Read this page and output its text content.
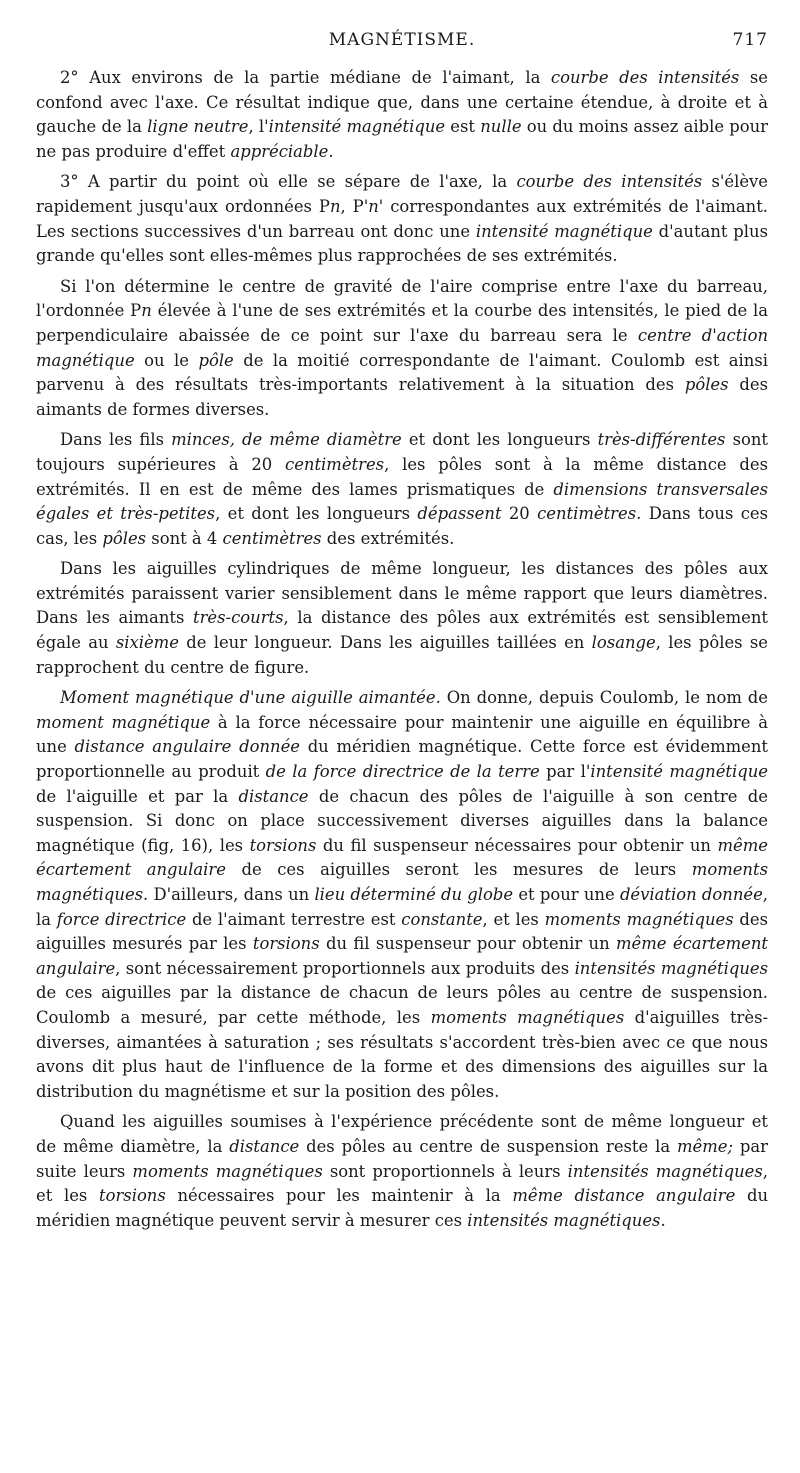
MAGNÉTISME.	717

2° Aux environs de la partie médiane de l'aimant, la courbe des intensités se confond avec l'axe. Ce résultat indique que, dans une certaine étendue, à droite et à gauche de la ligne neutre, l'intensité magnétique est nulle ou du moins assez aible pour ne pas produire d'effet appréciable.

3° A partir du point où elle se sépare de l'axe, la courbe des intensités s'élève rapidement jusqu'aux ordonnées Pn, P'n' correspondantes aux extrémités de l'aimant. Les sections successives d'un barreau ont donc une intensité magnétique d'autant plus grande qu'elles sont elles-mêmes plus rapprochées de ses extrémités.

Si l'on détermine le centre de gravité de l'aire comprise entre l'axe du barreau, l'ordonnée Pn élevée à l'une de ses extrémités et la courbe des intensités, le pied de la perpendiculaire abaissée de ce point sur l'axe du barreau sera le centre d'action magnétique ou le pôle de la moitié correspondante de l'aimant. Coulomb est ainsi parvenu à des résultats très-importants relativement à la situation des pôles des aimants de formes diverses.

Dans les fils minces, de même diamètre et dont les longueurs très-différentes sont toujours supérieures à 20 centimètres, les pôles sont à la même distance des extrémités. Il en est de même des lames prismatiques de dimensions transversales égales et très-petites, et dont les longueurs dépassent 20 centimètres. Dans tous ces cas, les pôles sont à 4 centimètres des extrémités.

Dans les aiguilles cylindriques de même longueur, les distances des pôles aux extrémités paraissent varier sensiblement dans le même rapport que leurs diamètres. Dans les aimants très-courts, la distance des pôles aux extrémités est sensiblement égale au sixième de leur longueur. Dans les aiguilles taillées en losange, les pôles se rapprochent du centre de figure.

Moment magnétique d'une aiguille aimantée. On donne, depuis Coulomb, le nom de moment magnétique à la force nécessaire pour maintenir une aiguille en équilibre à une distance angulaire donnée du méridien magnétique. Cette force est évidemment proportionnelle au produit de la force directrice de la terre par l'intensité magnétique de l'aiguille et par la distance de chacun des pôles de l'aiguille à son centre de suspension. Si donc on place successivement diverses aiguilles dans la balance magnétique (fig, 16), les torsions du fil suspenseur nécessaires pour obtenir un même écartement angulaire de ces aiguilles seront les mesures de leurs moments magnétiques. D'ailleurs, dans un lieu déterminé du globe et pour une déviation donnée, la force directrice de l'aimant terrestre est constante, et les moments magnétiques des aiguilles mesurés par les torsions du fil suspenseur pour obtenir un même écartement angulaire, sont nécessairement proportionnels aux produits des intensités magnétiques de ces aiguilles par la distance de chacun de leurs pôles au centre de suspension. Coulomb a mesuré, par cette méthode, les moments magnétiques d'aiguilles très-diverses, aimantées à saturation ; ses résultats s'accordent très-bien avec ce que nous avons dit plus haut de l'influence de la forme et des dimensions des aiguilles sur la distribution du magnétisme et sur la position des pôles.

Quand les aiguilles soumises à l'expérience précédente sont de même longueur et de même diamètre, la distance des pôles au centre de suspension reste la même; par suite leurs moments magnétiques sont proportionnels à leurs intensités magnétiques, et les torsions nécessaires pour les maintenir à la même distance angulaire du méridien magnétique peuvent servir à mesurer ces intensités magnétiques.
